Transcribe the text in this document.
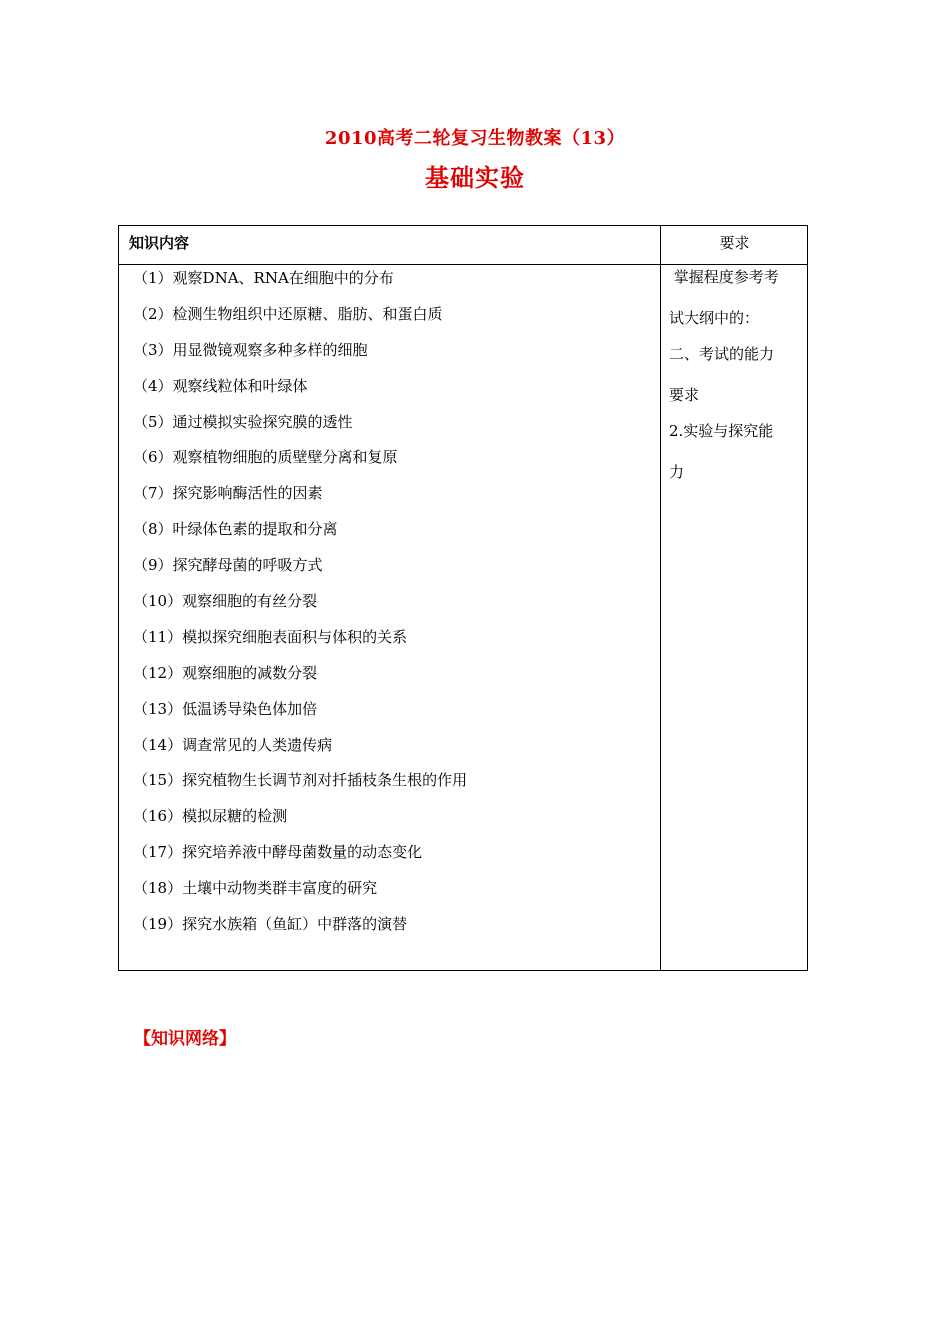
2010高考二轮复习生物教案（13）
基础实验
知识内容	要求
（1）观察DNA、RNA在细胞中的分布
（2）检测生物组织中还原糖、脂肪、和蛋白质
（3）用显微镜观察多种多样的细胞
（4）观察线粒体和叶绿体
（5）通过模拟实验探究膜的透性
（6）观察植物细胞的质壁壁分离和复原
（7）探究影响酶活性的因素
（8）叶绿体色素的提取和分离
（9）探究酵母菌的呼吸方式
（10）观察细胞的有丝分裂
（11）模拟探究细胞表面积与体积的关系
（12）观察细胞的减数分裂
（13）低温诱导染色体加倍
（14）调查常见的人类遗传病
（15）探究植物生长调节剂对扦插枝条生根的作用
（16）模拟尿糖的检测
（17）探究培养液中酵母菌数量的动态变化
（18）土壤中动物类群丰富度的研究
（19）探究水族箱（鱼缸）中群落的演替
掌握程度参考考
试大纲中的：
二、考试的能力
要求
2.实验与探究能
力
【知识网络】
